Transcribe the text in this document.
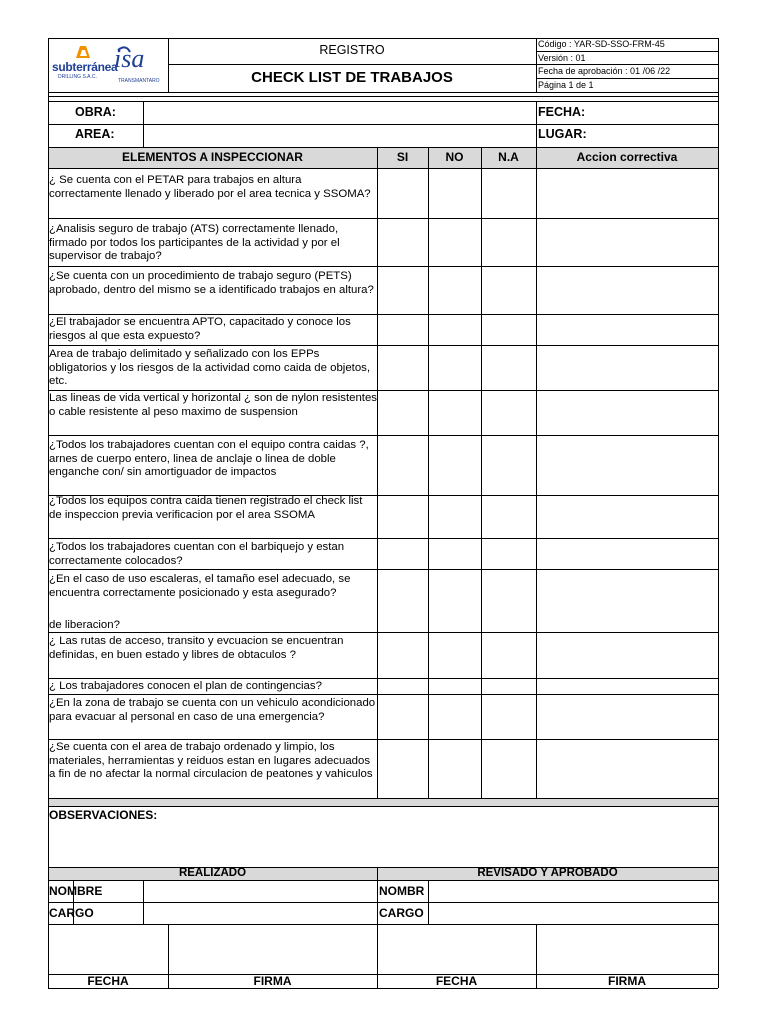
subterránea
DRILLING S.A.C.
isa
TRANSMANTARO
REGISTRO
CHECK LIST DE TRABAJOS
Código : YAR-SD-SSO-FRM-45
Versión : 01
Fecha de aprobación : 01 /06 /22
Página 1 de 1
OBRA:
AREA:
FECHA:
LUGAR:
ELEMENTOS A INSPECCIONAR	SI	NO	N.A	Accion correctiva
¿ Se cuenta con el PETAR para trabajos en altura correctamente llenado y liberado por el area tecnica y SSOMA?
¿Analisis seguro de trabajo (ATS) correctamente llenado, firmado por todos los participantes de la actividad y por el supervisor de trabajo?
¿Se cuenta con un procedimiento de trabajo seguro (PETS) aprobado, dentro del mismo se a identificado trabajos en altura?
¿El trabajador se encuentra APTO, capacitado y conoce los riesgos al que esta expuesto?
Area de trabajo delimitado y señalizado con los EPPs obligatorios y los riesgos de la actividad como caida de objetos, etc.
Las lineas de vida vertical y horizontal ¿ son de nylon resistentes o cable resistente al peso maximo de suspension
¿Todos los trabajadores cuentan con el equipo contra caidas ?, arnes de cuerpo entero, linea de anclaje o linea de doble enganche con/ sin amortiguador de impactos
¿Todos los equipos contra caida tienen registrado el check list de inspeccion previa verificacion por el area SSOMA
¿Todos los trabajadores cuentan con el barbiquejo y estan correctamente colocados?
¿En el caso de uso escaleras, el tamaño esel adecuado, se encuentra correctamente posicionado y esta asegurado?
de liberacion?
¿ Las rutas de acceso, transito y evcuacion se encuentran definidas, en buen estado y libres de obtaculos ?
¿ Los trabajadores conocen el plan de contingencias?
¿En la zona de trabajo se cuenta con un vehiculo acondicionado para evacuar al personal en caso de una emergencia?
¿Se cuenta con el area de trabajo ordenado y limpio, los materiales, herramientas y reiduos estan en lugares adecuados a fin de no afectar la normal circulacion de peatones y vahiculos
OBSERVACIONES:
REALIZADO	REVISADO Y APROBADO
NOMBRE
CARGO
NOMBR
CARGO
FECHA	FIRMA	FECHA	FIRMA
